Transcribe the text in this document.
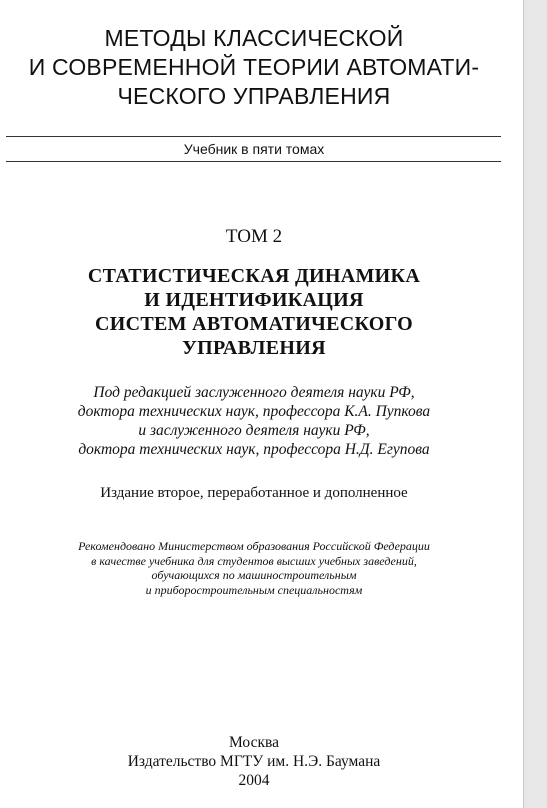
МЕТОДЫ КЛАССИЧЕСКОЙ
И СОВРЕМЕННОЙ ТЕОРИИ АВТОМАТИ-
ЧЕСКОГО УПРАВЛЕНИЯ
Учебник в пяти томах
ТОМ 2
СТАТИСТИЧЕСКАЯ ДИНАМИКА
И ИДЕНТИФИКАЦИЯ
СИСТЕМ АВТОМАТИЧЕСКОГО
УПРАВЛЕНИЯ
Под редакцией заслуженного деятеля науки РФ,
доктора технических наук, профессора К.А. Пупкова
и заслуженного деятеля науки РФ,
доктора технических наук, профессора Н.Д. Егупова
Издание второе, переработанное и дополненное
Рекомендовано Министерством образования Российской Федерации
в качестве учебника для студентов высших учебных заведений,
обучающихся по машиностроительным
и приборостроительным специальностям
Москва
Издательство МГТУ им. Н.Э. Баумана
2004
